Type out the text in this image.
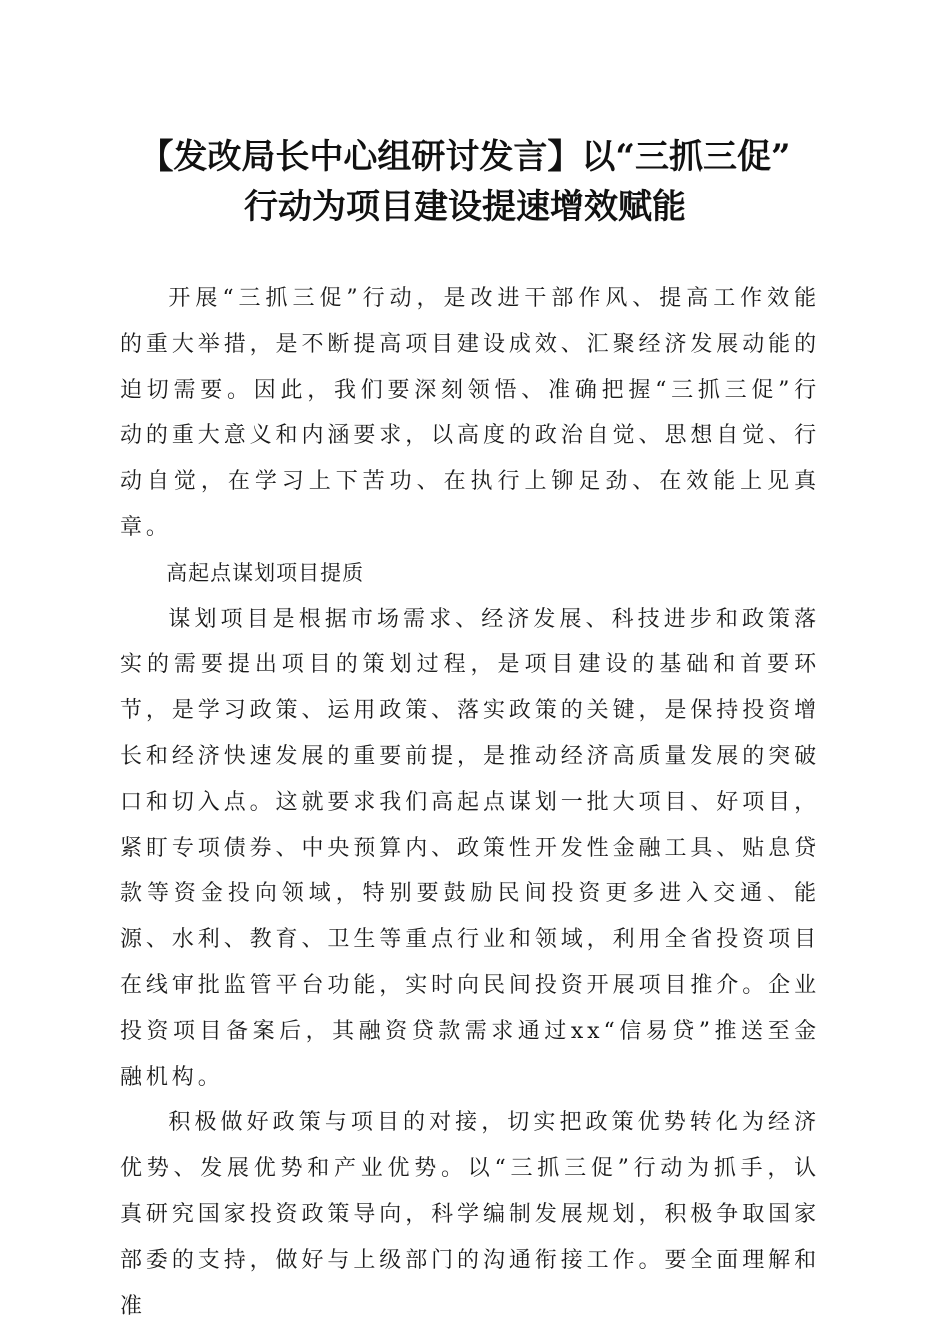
【发改局长中心组研讨发言】以“三抓三促”
行动为项目建设提速增效赋能

开展“三抓三促”行动，是改进干部作风、提高工作效能的重大举措，是不断提高项目建设成效、汇聚经济发展动能的迫切需要。因此，我们要深刻领悟、准确把握“三抓三促”行动的重大意义和内涵要求，以高度的政治自觉、思想自觉、行动自觉，在学习上下苦功、在执行上铆足劲、在效能上见真章。

高起点谋划项目提质

谋划项目是根据市场需求、经济发展、科技进步和政策落实的需要提出项目的策划过程，是项目建设的基础和首要环节，是学习政策、运用政策、落实政策的关键，是保持投资增长和经济快速发展的重要前提，是推动经济高质量发展的突破口和切入点。这就要求我们高起点谋划一批大项目、好项目，紧盯专项债券、中央预算内、政策性开发性金融工具、贴息贷款等资金投向领域，特别要鼓励民间投资更多进入交通、能源、水利、教育、卫生等重点行业和领域，利用全省投资项目在线审批监管平台功能，实时向民间投资开展项目推介。企业投资项目备案后，其融资贷款需求通过xx“信易贷”推送至金融机构。

积极做好政策与项目的对接，切实把政策优势转化为经济优势、发展优势和产业优势。以“三抓三促”行动为抓手，认真研究国家投资政策导向，科学编制发展规划，积极争取国家部委的支持，做好与上级部门的沟通衔接工作。要全面理解和准
